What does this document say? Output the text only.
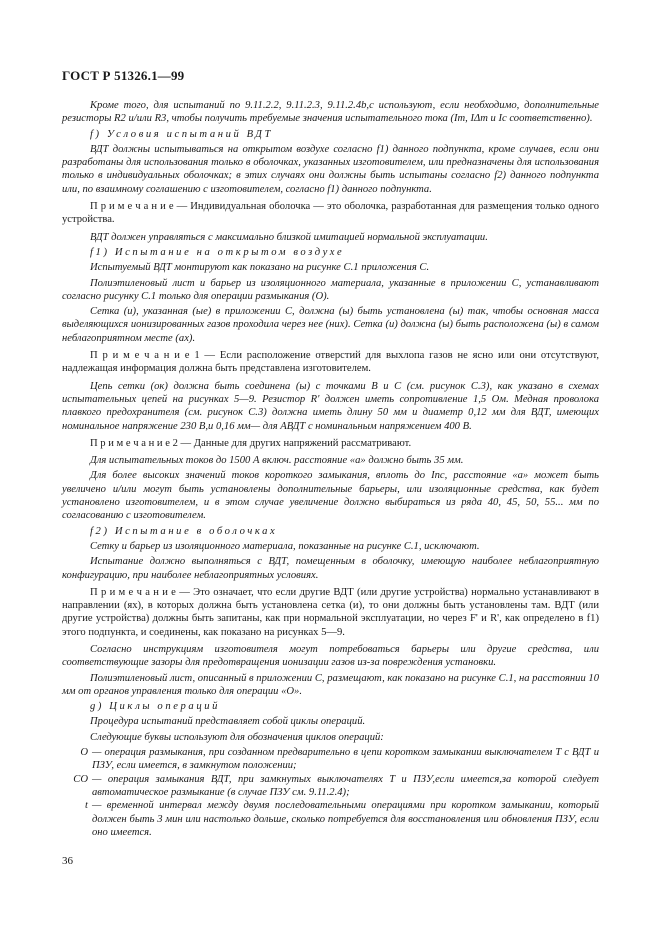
ГОСТ Р 51326.1—99

Кроме того, для испытаний по 9.11.2.2, 9.11.2.3, 9.11.2.4b,c используют, если необходимо, дополнительные резисторы R2 и/или R3, чтобы получить требуемые значения испытательного тока (Im, IΔm и Ic соответственно).

f) Условия испытаний ВДТ

ВДТ должны испытываться на открытом воздухе согласно f1) данного подпункта, кроме случаев, если они разработаны для использования только в оболочках, указанных изготовителем, или предназначены для использования только в индивидуальных оболочках; в этих случаях они должны быть испытаны согласно f2) данного подпункта или, по взаимному соглашению с изготовителем, согласно f1) данного подпункта.

П р и м е ч а н и е — Индивидуальная оболочка — это оболочка, разработанная для размещения только одного устройства.

ВДТ должен управляться с максимально близкой имитацией нормальной эксплуатации.

f1) Испытание на открытом воздухе

Испытуемый ВДТ монтируют как показано на рисунке С.1 приложения С.

Полиэтиленовый лист и барьер из изоляционного материала, указанные в приложении С, устанавливают согласно рисунку С.1 только для операции размыкания (О).

Сетка (и), указанная (ые) в приложении С, должна (ы) быть установлена (ы) так, чтобы основная масса выделяющихся ионизированных газов проходила через нее (них). Сетка (и) должна (ы) быть расположена (ы) в самом неблагоприятном месте (ах).

П р и м е ч а н и е 1 — Если расположение отверстий для выхлопа газов не ясно или они отсутствуют, надлежащая информация должна быть представлена изготовителем.

Цепь сетки (ок) должна быть соединена (ы) с точками В и С (см. рисунок С.3), как указано в схемах испытательных цепей на рисунках 5—9. Резистор R' должен иметь сопротивление 1,5 Ом. Медная проволока плавкого предохранителя (см. рисунок С.3) должна иметь длину 50 мм и диаметр 0,12 мм для ВДТ, имеющих номинальное напряжение 230 В,и 0,16 мм— для АВДТ с номинальным напряжением 400 В.

П р и м е ч а н и е 2 — Данные для других напряжений рассматривают.

Для испытательных токов до 1500 А включ. расстояние «а» должно быть 35 мм.

Для более высоких значений токов короткого замыкания, вплоть до Inc, расстояние «а» может быть увеличено и/или могут быть установлены дополнительные барьеры, или изоляционные средства, как будет установлено изготовителем, и в этом случае увеличение должно выбираться из ряда 40, 45, 50, 55... мм по согласованию с изготовителем.

f2) Испытание в оболочках

Сетку и барьер из изоляционного материала, показанные на рисунке С.1, исключают.

Испытание должно выполняться с ВДТ, помещенным в оболочку, имеющую наиболее неблагоприятную конфигурацию, при наиболее неблагоприятных условиях.

П р и м е ч а н и е — Это означает, что если другие ВДТ (или другие устройства) нормально устанавливают в направлении (ях), в которых должна быть установлена сетка (и), то они должны быть установлены там. ВДТ (или другие устройства) должны быть запитаны, как при нормальной эксплуатации, но через F' и R', как определено в f1) этого подпункта, и соединены, как показано на рисунках 5—9.

Согласно инструкциям изготовителя могут потребоваться барьеры или другие средства, или соответствующие зазоры для предотвращения ионизации газов из-за повреждения установки.

Полиэтиленовый лист, описанный в приложении С, размещают, как показано на рисунке С.1, на расстоянии 10 мм от органов управления только для операции «О».

g) Циклы операций

Процедура испытаний представляет собой циклы операций.

Следующие буквы используют для обозначения циклов операций:

O — операция размыкания, при созданном предварительно в цепи коротком замыкании выключателем T с ВДТ и ПЗУ, если имеется, в замкнутом положении;
CO — операция замыкания ВДТ, при замкнутых выключателях T и ПЗУ,если имеется,за которой следует автоматическое размыкание (в случае ПЗУ см. 9.11.2.4);
t — временной интервал между двумя последовательными операциями при коротком замыкании, который должен быть 3 мин или настолько дольше, сколько потребуется для восстановления или обновления ПЗУ, если оно имеется.
36
